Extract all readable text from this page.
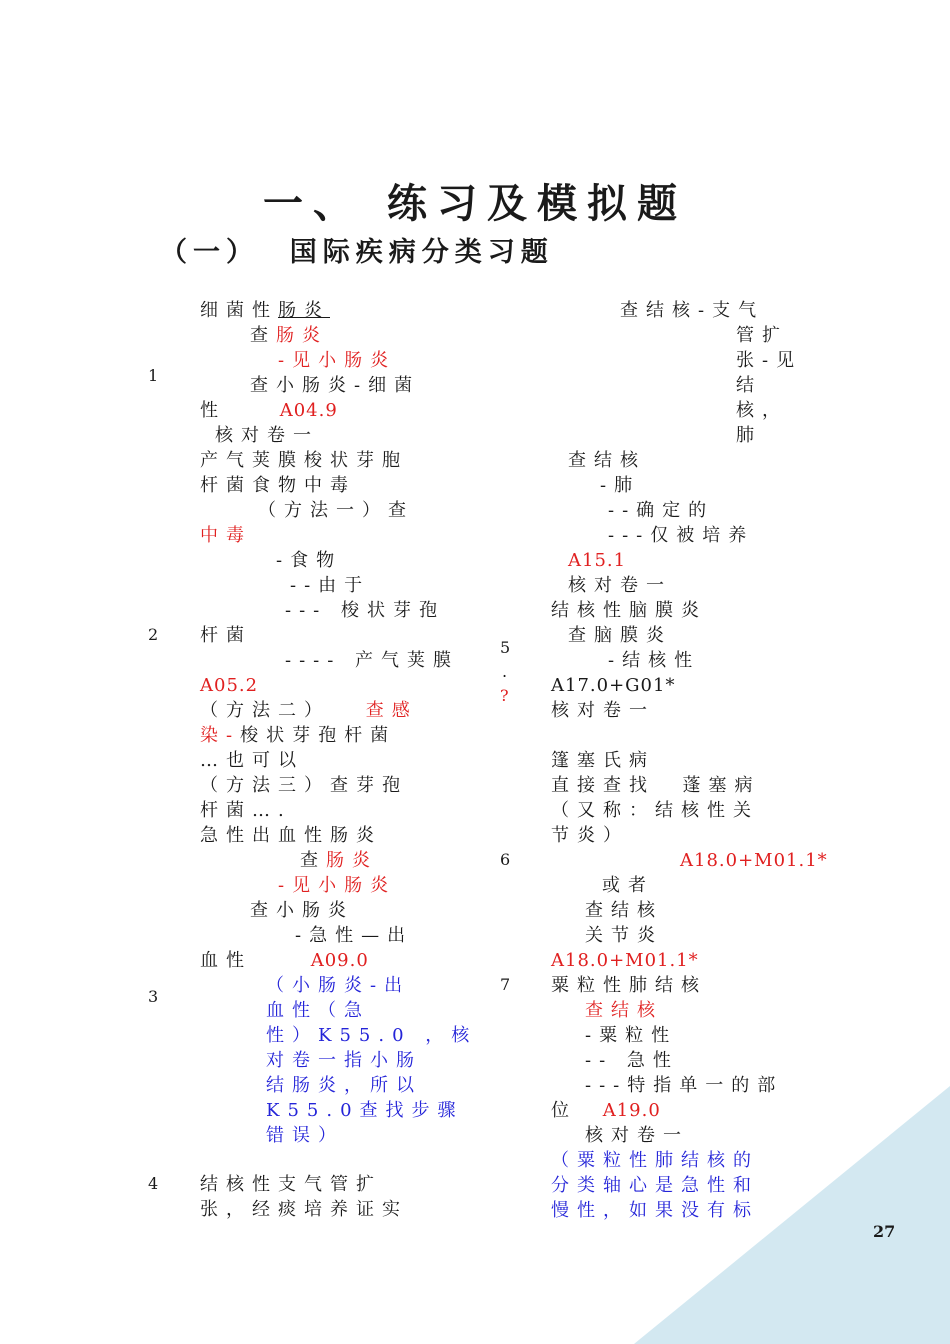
一、 练习及模拟题
（一）  国际疾病分类习题
1
2
3
4
5
.
?
6
7
细菌性肠炎
查肠炎
-见小肠炎
查小肠炎-细菌
性 A04.9
核对卷一
产气荚膜梭状芽胞
杆菌食物中毒
（方法一）查
中毒
-食物
--由于
--- 梭状芽孢
杆菌
---- 产气荚膜
A05.2
（方法二） 查感
染-梭状芽孢杆菌
…也可以
（方法三）查芽孢
杆菌….
急性出血性肠炎
查肠炎
-见小肠炎
查小肠炎
-急性—出
血性	A09.0
（小肠炎-出
血性（急
性）K55.0 ，核
对卷一指小肠
结肠炎，所以
K55.0查找步骤
错误）
结核性支气管扩
张，经痰培养证实
查结核-支气
管扩
张-见
结
核，
肺
查结核
-肺
--确定的
---仅被培养
A15.1
核对卷一
结核性脑膜炎
查脑膜炎
-结核性
A17.0+G01*
核对卷一
篷塞氏病
直接查找  蓬塞病
（又称：结核性关
节炎）
A18.0+M01.1*
或者
查结核
关节炎
A18.0+M01.1*
粟粒性肺结核
查结核
-粟粒性
-- 急性
---特指单一的部
位 A19.0
核对卷一
（粟粒性肺结核的
分类轴心是急性和
慢性，如果没有标
27
